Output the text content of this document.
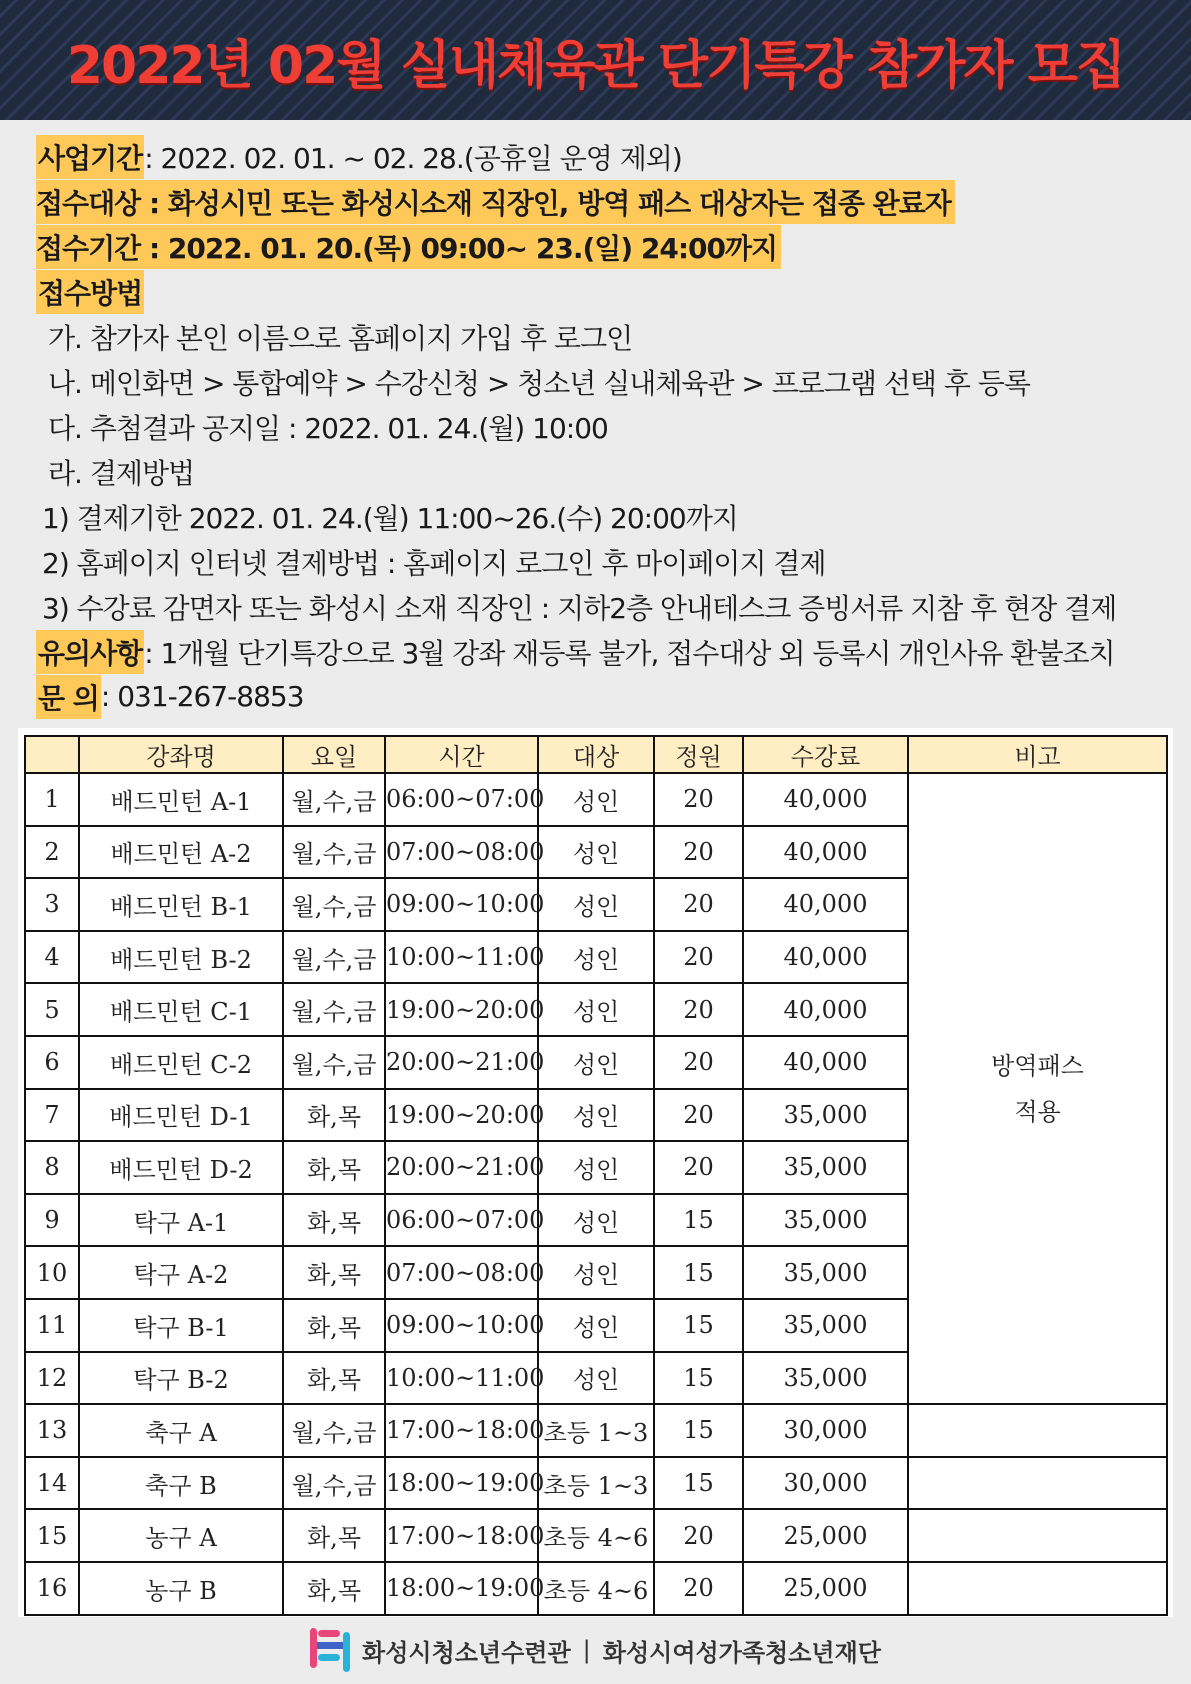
2022년 02월 실내체육관 단기특강 참가자 모집
사업기간 : 2022. 02. 01. ~ 02. 28.(공휴일 운영 제외)
접수대상 : 화성시민 또는 화성시소재 직장인, 방역 패스 대상자는 접종 완료자
접수기간 : 2022. 01. 20.(목) 09:00~ 23.(일) 24:00까지
접수방법
가. 참가자 본인 이름으로 홈페이지 가입 후 로그인
나. 메인화면 > 통합예약 > 수강신청 > 청소년 실내체육관 > 프로그램 선택 후 등록
다. 추첨결과 공지일 : 2022. 01. 24.(월) 10:00
라. 결제방법
1) 결제기한 2022. 01. 24.(월) 11:00~26.(수) 20:00까지
2) 홈페이지 인터넷 결제방법 : 홈페이지 로그인 후 마이페이지 결제
3) 수강료 감면자 또는 화성시 소재 직장인 : 지하2층 안내테스크 증빙서류 지참 후 현장 결제
유의사항 : 1개월 단기특강으로 3월 강좌 재등록 불가, 접수대상 외 등록시 개인사유 환불조치
문 의 : 031-267-8853
	강좌명	요일	시간	대상	정원	수강료	비고
1	배드민턴 A-1	월,수,금	06:00~07:00	성인	20	40,000	방역패스
적용

2	배드민턴 A-2	월,수,금	07:00~08:00	성인	20	40,000	
3	배드민턴 B-1	월,수,금	09:00~10:00	성인	20	40,000	
4	배드민턴 B-2	월,수,금	10:00~11:00	성인	20	40,000	
5	배드민턴 C-1	월,수,금	19:00~20:00	성인	20	40,000	
6	배드민턴 C-2	월,수,금	20:00~21:00	성인	20	40,000	
7	배드민턴 D-1	화,목	19:00~20:00	성인	20	35,000	
8	배드민턴 D-2	화,목	20:00~21:00	성인	20	35,000	
9	탁구 A-1	화,목	06:00~07:00	성인	15	35,000	
10	탁구 A-2	화,목	07:00~08:00	성인	15	35,000	
11	탁구 B-1	화,목	09:00~10:00	성인	15	35,000	
12	탁구 B-2	화,목	10:00~11:00	성인	15	35,000	
13	축구 A	월,수,금	17:00~18:00	초등 1~3	15	30,000	
14	축구 B	월,수,금	18:00~19:00	초등 1~3	15	30,000	
15	농구 A	화,목	17:00~18:00	초등 4~6	20	25,000	
16	농구 B	화,목	18:00~19:00	초등 4~6	20	25,000	
화성시청소년수련관 | 화성시여성가족청소년재단
